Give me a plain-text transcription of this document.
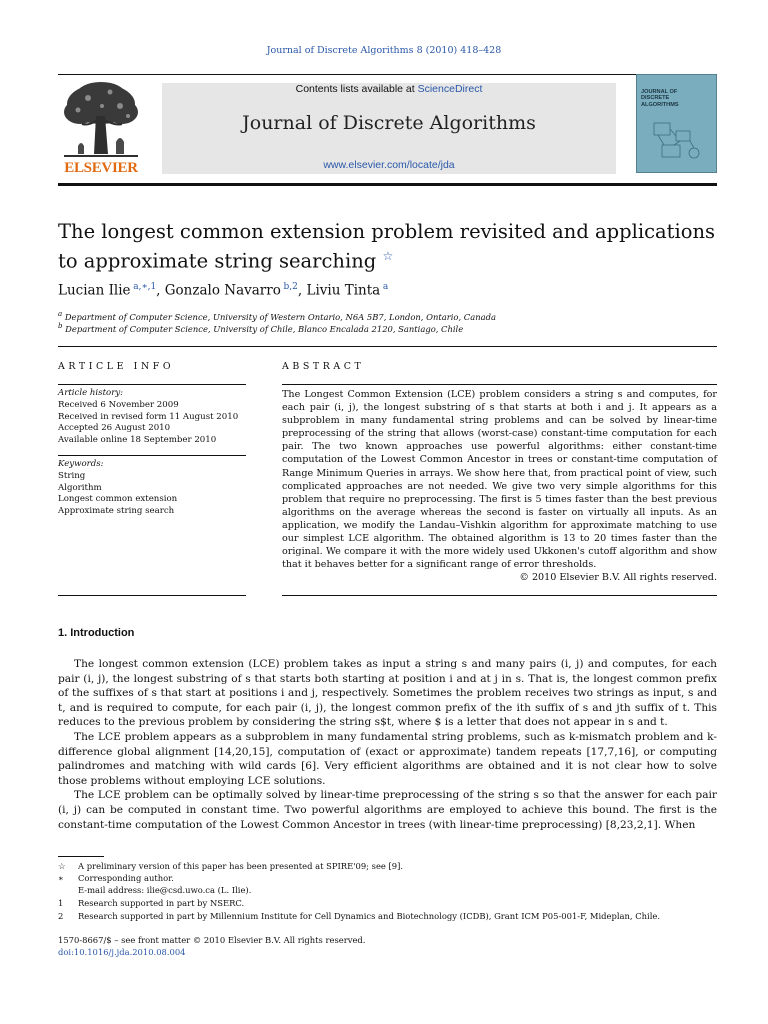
Journal of Discrete Algorithms 8 (2010) 418–428
ELSEVIER
Contents lists available at ScienceDirect
Journal of Discrete Algorithms
www.elsevier.com/locate/jda
JOURNAL OF DISCRETE ALGORITHMS
The longest common extension problem revisited and applications to approximate string searching ☆
Lucian Ilie  $^{a,∗,1}$, Gonzalo Navarro  $^{b,2}$, Liviu Tinta  $^a$
$^a$ Department of Computer Science, University of Western Ontario, N6A 5B7, London, Ontario, Canada
$^b$ Department of Computer Science, University of Chile, Blanco Encalada 2120, Santiago, Chile
ARTICLE INFO
Article history:
Received 6 November 2009
Received in revised form 11 August 2010
Accepted 26 August 2010
Available online 18 September 2010
Keywords:
String
Algorithm
Longest common extension
Approximate string search
ABSTRACT
The Longest Common Extension (LCE) problem considers a string s and computes, for each pair (i, j), the longest substring of s that starts at both i and j. It appears as a subproblem in many fundamental string problems and can be solved by linear-time preprocessing of the string that allows (worst-case) constant-time computation for each pair. The two known approaches use powerful algorithms: either constant-time computation of the Lowest Common Ancestor in trees or constant-time computation of Range Minimum Queries in arrays. We show here that, from practical point of view, such complicated approaches are not needed. We give two very simple algorithms for this problem that require no preprocessing. The first is 5 times faster than the best previous algorithms on the average whereas the second is faster on virtually all inputs. As an application, we modify the Landau–Vishkin algorithm for approximate matching to use our simplest LCE algorithm. The obtained algorithm is 13 to 20 times faster than the original. We compare it with the more widely used Ukkonen's cutoff algorithm and show that it behaves better for a significant range of error thresholds.
© 2010 Elsevier B.V. All rights reserved.
1. Introduction

The longest common extension (LCE) problem takes as input a string s and many pairs (i, j) and computes, for each pair (i, j), the longest substring of s that starts both starting at position i and at j in s. That is, the longest common prefix of the suffixes of s that start at positions i and j, respectively. Sometimes the problem receives two strings as input, s and t, and is required to compute, for each pair (i, j), the longest common prefix of the ith suffix of s and jth suffix of t. This reduces to the previous problem by considering the string s$t, where $ is a letter that does not appear in s and t.

The LCE problem appears as a subproblem in many fundamental string problems, such as k-mismatch problem and k-difference global alignment [14,20,15], computation of (exact or approximate) tandem repeats [17,7,16], or computing palindromes and matching with wild cards [6]. Very efficient algorithms are obtained and it is not clear how to solve those problems without employing LCE solutions.

The LCE problem can be optimally solved by linear-time preprocessing of the string s so that the answer for each pair (i, j) can be computed in constant time. Two powerful algorithms are employed to achieve this bound. The first is the constant-time computation of the Lowest Common Ancestor in trees (with linear-time preprocessing) [8,23,2,1]. When

☆ A preliminary version of this paper has been presented at SPIRE'09; see [9].
∗ Corresponding author.
E-mail address: ilie@csd.uwo.ca (L. Ilie).
1 Research supported in part by NSERC.
2 Research supported in part by Millennium Institute for Cell Dynamics and Biotechnology (ICDB), Grant ICM P05-001-F, Mideplan, Chile.
1570-8667/$ – see front matter © 2010 Elsevier B.V. All rights reserved.
doi:10.1016/j.jda.2010.08.004
